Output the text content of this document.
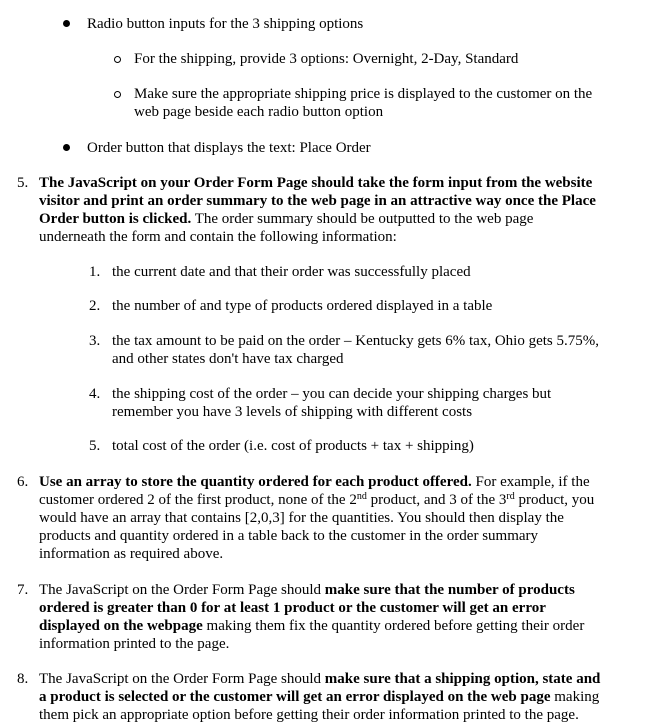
Radio button inputs for the 3 shipping options
For the shipping, provide 3 options: Overnight, 2-Day, Standard
Make sure the appropriate shipping price is displayed to the customer on the
web page beside each radio button option
Order button that displays the text: Place Order
5. The JavaScript on your Order Form Page should take the form input from the website
visitor and print an order summary to the web page in an attractive way once the Place
Order button is clicked. The order summary should be outputted to the web page
underneath the form and contain the following information:
1. the current date and that their order was successfully placed
2. the number of and type of products ordered displayed in a table
3. the tax amount to be paid on the order – Kentucky gets 6% tax, Ohio gets 5.75%,
and other states don't have tax charged
4. the shipping cost of the order – you can decide your shipping charges but
remember you have 3 levels of shipping with different costs
5. total cost of the order (i.e. cost of products + tax + shipping)
6. Use an array to store the quantity ordered for each product offered. For example, if the
customer ordered 2 of the first product, none of the 2nd product, and 3 of the 3rd product, you
would have an array that contains [2,0,3] for the quantities. You should then display the
products and quantity ordered in a table back to the customer in the order summary
information as required above.
7. The JavaScript on the Order Form Page should make sure that the number of products
ordered is greater than 0 for at least 1 product or the customer will get an error
displayed on the webpage making them fix the quantity ordered before getting their order
information printed to the page.
8. The JavaScript on the Order Form Page should make sure that a shipping option, state and
a product is selected or the customer will get an error displayed on the web page making
them pick an appropriate option before getting their order information printed to the page.
